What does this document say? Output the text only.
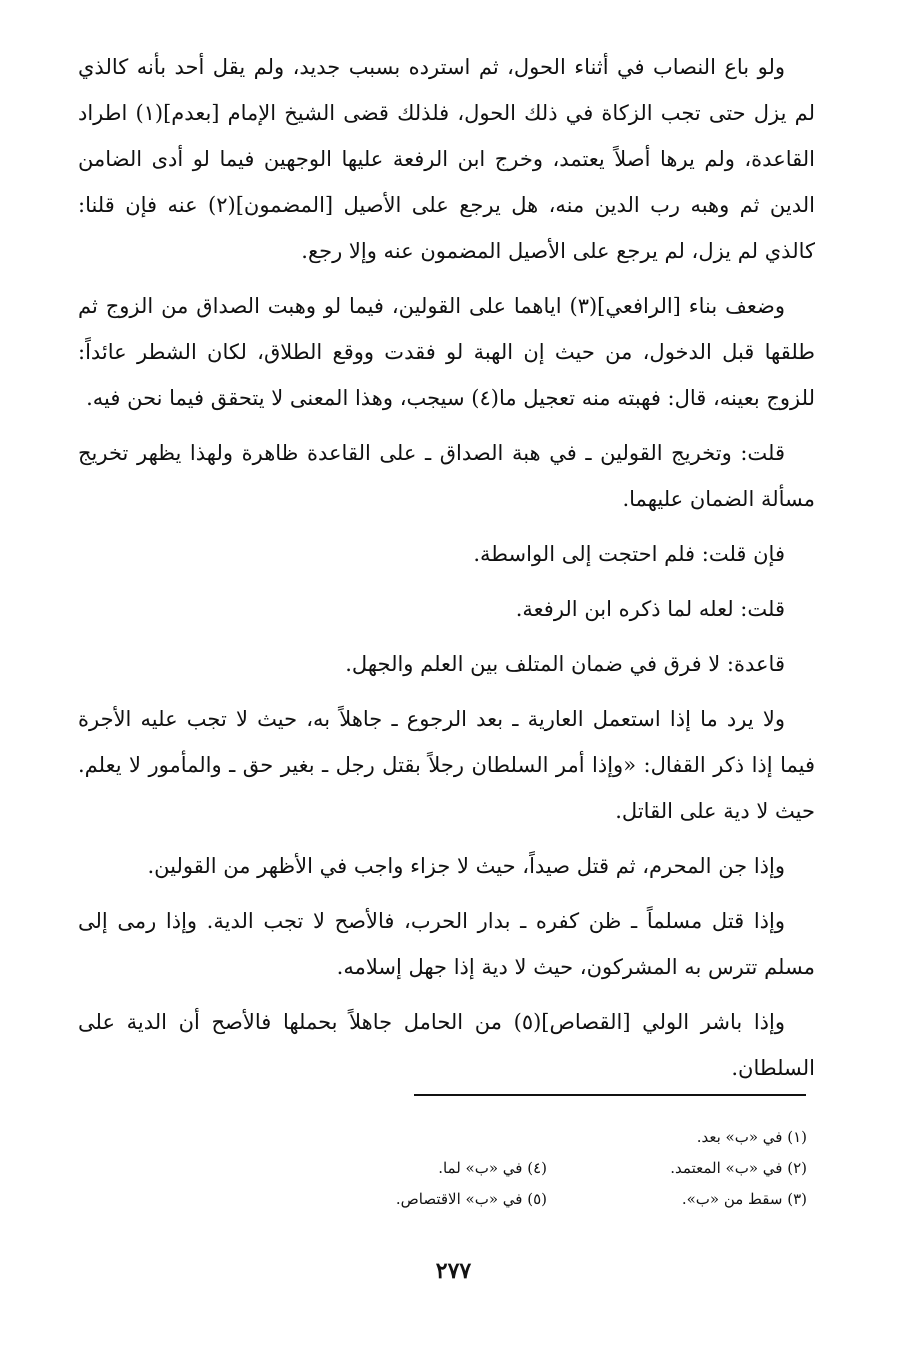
ولو باع النصاب في أثناء الحول، ثم استرده بسبب جديد، ولم يقل أحد بأنه كالذي لم يزل حتى تجب الزكاة في ذلك الحول، فلذلك قضى الشيخ الإمام [بعدم](١) اطراد القاعدة، ولم يرها أصلاً يعتمد، وخرج ابن الرفعة عليها الوجهين فيما لو أدى الضامن الدين ثم وهبه رب الدين منه، هل يرجع على الأصيل [المضمون](٢) عنه فإن قلنا: كالذي لم يزل، لم يرجع على الأصيل المضمون عنه وإلا رجع.

وضعف بناء [الرافعي](٣) اياهما على القولين، فيما لو وهبت الصداق من الزوج ثم طلقها قبل الدخول، من حيث إن الهبة لو فقدت ووقع الطلاق، لكان الشطر عائداً: للزوج بعينه، قال: فهبته منه تعجيل ما(٤) سيجب، وهذا المعنى لا يتحقق فيما نحن فيه.

قلت: وتخريج القولين ـ في هبة الصداق ـ على القاعدة ظاهرة ولهذا يظهر تخريج مسألة الضمان عليهما.

فإن قلت: فلم احتجت إلى الواسطة.

قلت: لعله لما ذكره ابن الرفعة.

قاعدة: لا فرق في ضمان المتلف بين العلم والجهل.

ولا يرد ما إذا استعمل العارية ـ بعد الرجوع ـ جاهلاً به، حيث لا تجب عليه الأجرة فيما إذا ذكر القفال: «وإذا أمر السلطان رجلاً بقتل رجل ـ بغير حق ـ والمأمور لا يعلم. حيث لا دية على القاتل.

وإذا جن المحرم، ثم قتل صيداً، حيث لا جزاء واجب في الأظهر من القولين.

وإذا قتل مسلماً ـ ظن كفره ـ بدار الحرب، فالأصح لا تجب الدية. وإذا رمى إلى مسلم تترس به المشركون، حيث لا دية إذا جهل إسلامه.

وإذا باشر الولي [القصاص](٥) من الحامل جاهلاً بحملها فالأصح أن الدية على السلطان.

(١) في «ب» بعد.
(٢) في «ب» المعتمد.
(٤) في «ب» لما.
(٣) سقط من «ب».
(٥) في «ب» الاقتصاص.
٢٧٧
